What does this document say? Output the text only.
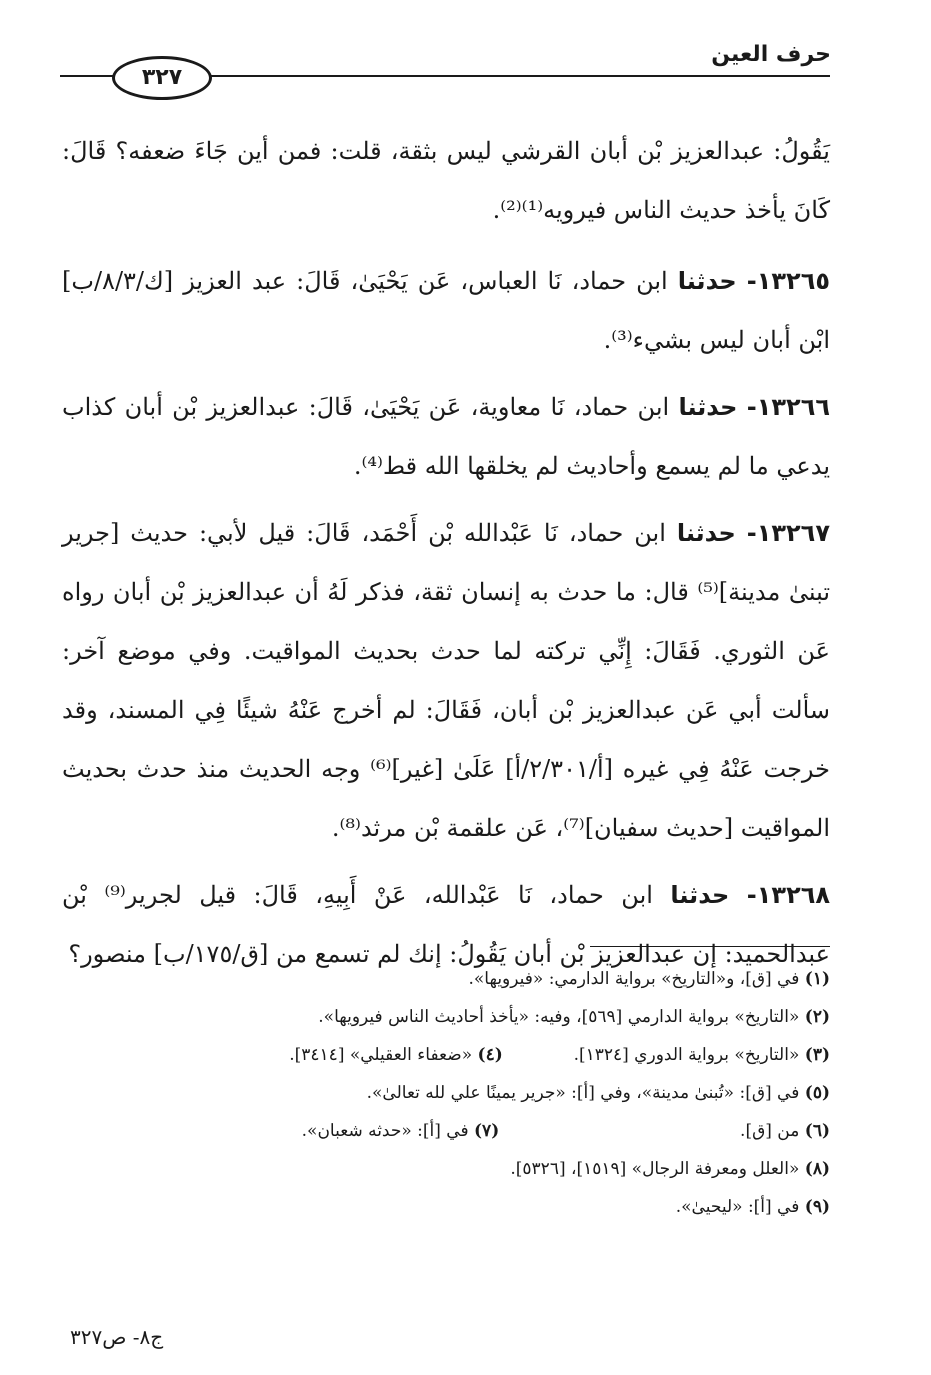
حرف العين
٣٢٧

يَقُولُ: عبدالعزيز بْن أبان القرشي ليس بثقة، قلت: فمن أين جَاءَ ضعفه؟ قَالَ: كَانَ يأخذ حديث الناس فيرويه⁽¹⁾⁽²⁾.

١٣٢٦٥- حدثنا ابن حماد، نَا العباس، عَن يَحْيَىٰ، قَالَ: عبد العزيز [ك/٨/٣/ب] ابْن أبان ليس بشيء⁽³⁾.

١٣٢٦٦- حدثنا ابن حماد، نَا معاوية، عَن يَحْيَىٰ، قَالَ: عبدالعزيز بْن أبان كذاب يدعي ما لم يسمع وأحاديث لم يخلقها الله قط⁽⁴⁾.

١٣٢٦٧- حدثنا ابن حماد، نَا عَبْدالله بْن أَحْمَد، قَالَ: قيل لأبي: حديث [جرير تبنىٰ مدينة]⁽⁵⁾ قال: ما حدث به إنسان ثقة، فذكر لَهُ أن عبدالعزيز بْن أبان رواه عَن الثوري. فَقَالَ: إِنِّي تركته لما حدث بحديث المواقيت. وفي موضع آخر: سألت أبي عَن عبدالعزيز بْن أبان، فَقَالَ: لم أخرج عَنْهُ شيئًا فِي المسند، وقد خرجت عَنْهُ فِي غيره [أ/٢/٣٠١/أ] عَلَىٰ [غير]⁽⁶⁾ وجه الحديث منذ حدث بحديث المواقيت [حديث سفيان]⁽⁷⁾، عَن علقمة بْن مرثد⁽⁸⁾.

١٣٢٦٨- حدثنا ابن حماد، نَا عَبْدالله، عَنْ أَبِيهِ، قَالَ: قيل لجرير⁽⁹⁾ بْن عبدالحميد: إن عبدالعزيز بْن أبان يَقُولُ: إنك لم تسمع من [ق/١٧٥/ب] منصور؟

(١) في [ق]، و«التاريخ» برواية الدارمي: «فيرويها».
(٢) «التاريخ» برواية الدارمي [٥٦٩]، وفيه: «يأخذ أحاديث الناس فيرويها».
(٣) «التاريخ» برواية الدوري [١٣٢٤].  (٤) «ضعفاء العقيلي» [٣٤١٤].
(٥) في [ق]: «تُبنىٰ مدينة»، وفي [أ]: «جرير يمينًا علي لله تعالىٰ».
(٦) من [ق].  (٧) في [أ]: «حدثه شعبان».
(٨) «العلل ومعرفة الرجال» [١٥١٩]، [٥٣٢٦].
(٩) في [أ]: «ليحيىٰ».
ج٨- ص٣٢٧
